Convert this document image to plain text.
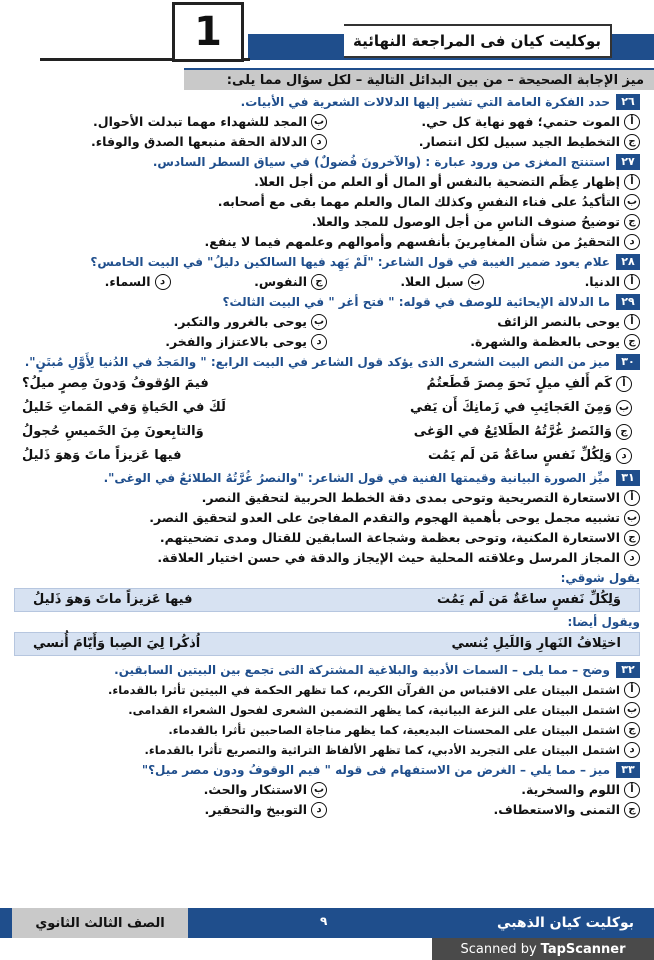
بوكليت كيان فى المراجعة النهائية
1
ميز الإجابة الصحيحة – من بين البدائل التالية – لكل سؤال مما يلى:
٢٦
حدد الفكرة العامة التي تشير إليها الدلالات الشعرية في الأبيات.
أ
الموت حتمي؛ فهو نهاية كل حي.
ب
المجد للشهداء مهما تبدلت الأحوال.
ج
التخطيط الجيد سبيل لكل انتصار.
د
الدلالة الحقة منبعها الصدق والوفاء.
٢٧
استنتج المغزى من ورود عبارة : (والآخرونَ فُضولٌ) في سياق السطر السادس.
أ
إظهار عِظَم التضحية بالنفس أو المال أو العلم من أجل العلا.
ب
التأكيدُ على فناء النفسِ وكذلك المال والعلم مهما بقى مع أصحابه.
ج
توضيحُ صنوف الناسِ من أجل الوصول للمجد والعلا.
د
التحقيرُ من شأن المغامِرينَ بأنفسهم وأموالهم وعلمهم فيما لا ينفع.
٢٨
علام يعود ضمير الغيبة في قول الشاعر: "لَمْ يَهِد فيها السالكين دليلُ" في البيت الخامس؟
أ
الدنيا.
ب
سبل العلا.
ج
النفوس.
د
السماء.
٢٩
ما الدلالة الإيحائية للوصف في قوله: " فتح أغر " في البيت الثالث؟
أ
يوحى بالنصر الزائف
ب
يوحى بالغرور والتكبر.
ج
يوحى بالعظمة والشهرة.
د
يوحى بالاعتزاز والفخر.
٣٠
ميز من النص البيت الشعرى الذى يؤكد قول الشاعر في البيت الرابع: " والمَجدُ في الدُنيا لِأَوَّلِ مُبتَنٍ".
أ
كَم أَلفِ ميلٍ نَحوَ مِصرَ قَطَعتُمُ
فيمَ الوُقوفُ وَدونَ مِصرٍ ميلُ؟
ب
وَمِنَ العَجائِبِ في زَمانِكَ أَن يَفي
لَكَ في الحَياةِ وَفي المَماتِ خَليلُ
ج
وَالنَصرُ غُرَّتُهُ الطَلائِعُ في الوَغى
وَالتابِعونَ مِنَ الخَميسِ حُجولُ
د
وَلِكُلِّ نَفسٍ ساعَةٌ مَن لَم يَمُت
فيها عَزيزاً ماتَ وَهوَ ذَليلُ
٣١
ميِّز الصورة البيانية وقيمتها الفنية في قول الشاعر: "والنصرُ غُرَّتُهُ الطلائعُ في الوغى".
أ
الاستعارة التصريحية وتوحى بمدى دقة الخطط الحربية لتحقيق النصر.
ب
تشبيه مجمل يوحى بأهمية الهجوم والتقدم المفاجئ على العدو لتحقيق النصر.
ج
الاستعارة المكنية، وتوحى بعظمة وشجاعة السابقين للقتال ومدى تضحيتهم.
د
المجاز المرسل وعلاقته المحلية حيث الإيجاز والدقة في حسن اختيار العلاقة.
يقول شوقي:
وَلِكُلِّ نَفسٍ ساعَةٌ مَن لَم يَمُت
فيها عَزيزاً ماتَ وَهوَ ذَليلُ
ويقول أيضا:
اختِلافُ النَهارِ وَاللَيلِ يُنسي
اُذكُرا لِيَ الصِبا وَأَيّامَ أُنسي
٣٢
وضح – مما يلى – السمات الأدبية والبلاغية المشتركة التى تجمع بين البيتين السابقين.
أ
اشتمل البيتان على الاقتباس من القرآن الكريم، كما تظهر الحكمة في البيتين تأثرا بالقدماء.
ب
اشتمل البيتان على النزعة البيانية، كما يظهر التضمين الشعرى لفحول الشعراء القدامى.
ج
اشتمل البيتان على المحسنات البديعية، كما يظهر مناجاة الصاحبين تأثرا بالقدماء.
د
اشتمل البيتان على التجريد الأدبي، كما تظهر الألفاظ التراثية والتصريع تأثرا بالقدماء.
٣٣
ميز – مما يلي – الغرض من الاستفهام فى قوله " فيم الوقوفُ ودون مصر ميل؟"
أ
اللوم والسخرية.
ب
الاستنكار والحث.
ج
التمنى والاستعطاف.
د
التوبيخ والتحقير.
بوكليت كيان الذهبي
٩
الصف الثالث الثانوي
Scanned by TapScanner
